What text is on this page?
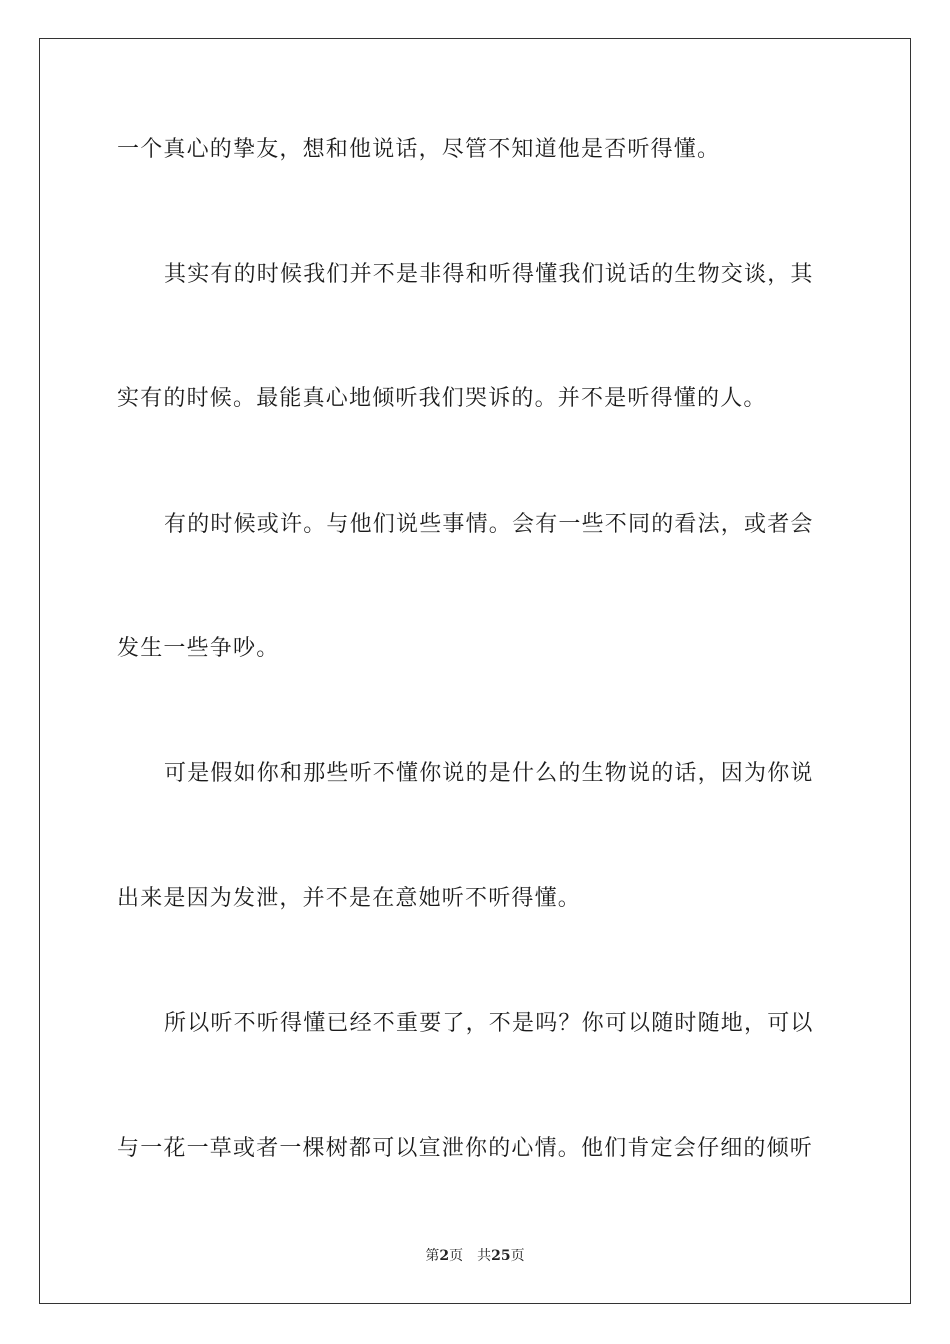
一个真心的挚友，想和他说话，尽管不知道他是否听得懂。
其实有的时候我们并不是非得和听得懂我们说话的生物交谈，其
实有的时候。最能真心地倾听我们哭诉的。并不是听得懂的人。
有的时候或许。与他们说些事情。会有一些不同的看法，或者会
发生一些争吵。
可是假如你和那些听不懂你说的是什么的生物说的话，因为你说
出来是因为发泄，并不是在意她听不听得懂。
所以听不听得懂已经不重要了，不是吗？你可以随时随地，可以
与一花一草或者一棵树都可以宣泄你的心情。他们肯定会仔细的倾听
第2页 共25页
